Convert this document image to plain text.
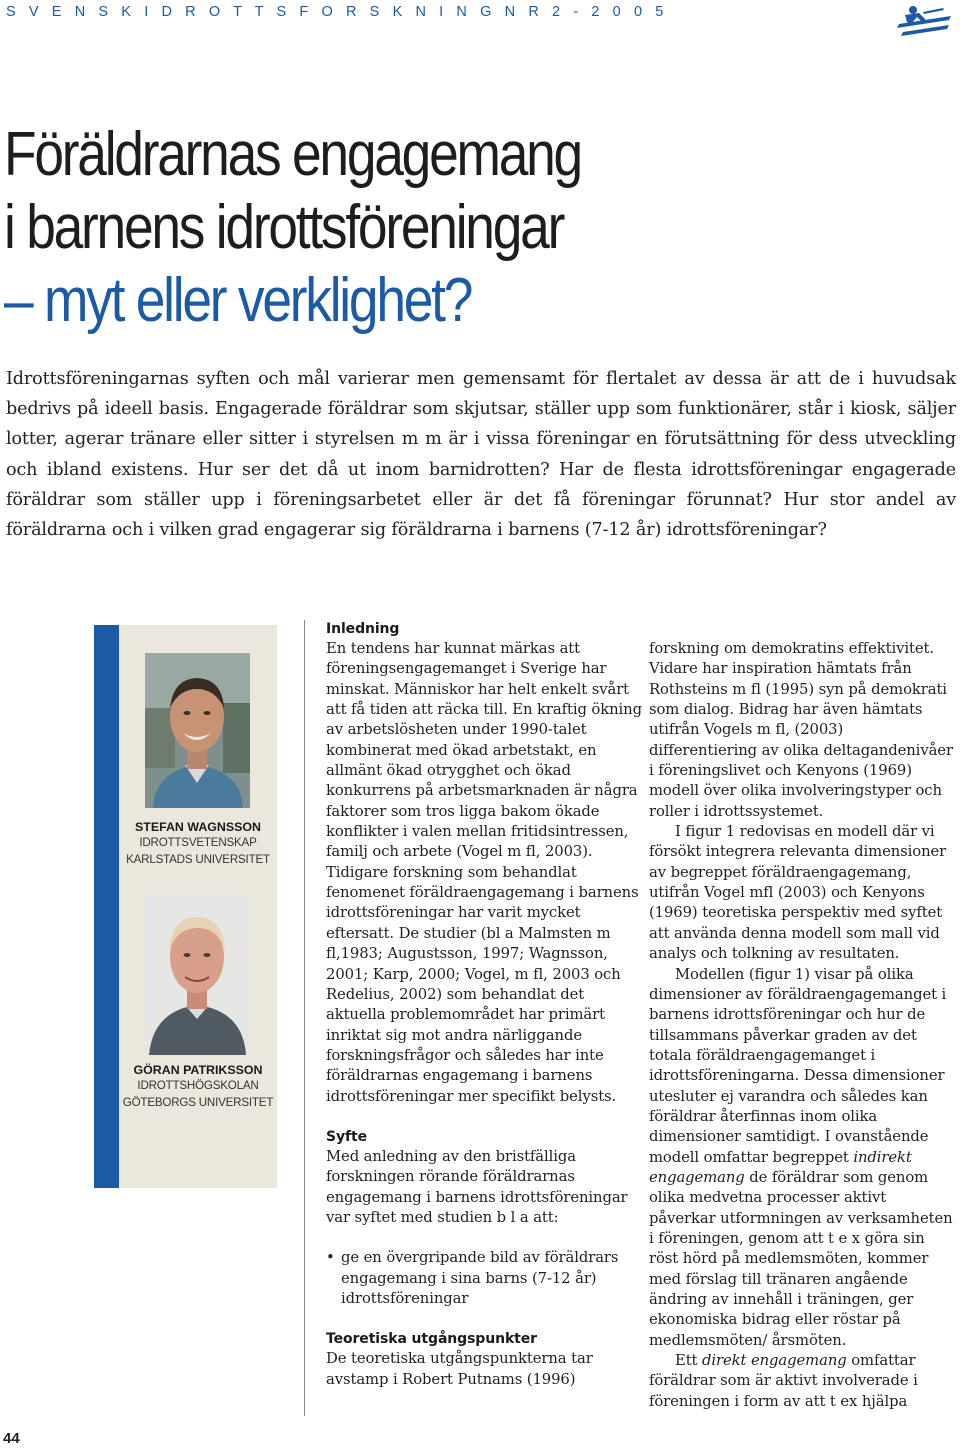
S V E N S K I D R O T T S F O R S K N I N G N R 2 - 2 0 0 5
Föräldrarnas engagemang
i barnens idrottsföreningar
– myt eller verklighet?

Idrottsföreningarnas syften och mål varierar men gemensamt för flertalet av dessa är att de i huvudsak bedrivs på ideell basis. Engagerade föräldrar som skjutsar, ställer upp som funktionärer, står i kiosk, säljer lotter, agerar tränare eller sitter i styrelsen m m är i vissa föreningar en förutsättning för dess utveckling och ibland existens. Hur ser det då ut inom barnidrotten? Har de flesta idrottsföreningar engagerade föräldrar som ställer upp i föreningsarbetet eller är det få föreningar förunnat? Hur stor andel av föräldrarna och i vilken grad engagerar sig föräldrarna i barnens (7-12 år) idrottsföreningar?

STEFAN WAGNSSON
IDROTTSVETENSKAP
KARLSTADS UNIVERSITET
GÖRAN PATRIKSSON
IDROTTSHÖGSKOLAN
GÖTEBORGS UNIVERSITET
Inledning

En tendens har kunnat märkas att föreningsengagemanget i Sverige har minskat. Människor har helt enkelt svårt att få tiden att räcka till. En kraftig ökning av arbetslösheten under 1990-talet kombinerat med ökad arbetstakt, en allmänt ökad otrygghet och ökad konkurrens på arbetsmarknaden är några faktorer som tros ligga bakom ökade konflikter i valen mellan fritidsintressen, familj och arbete (Vogel m fl, 2003). Tidigare forskning som behandlat fenomenet föräldraengagemang i barnens idrottsföreningar har varit mycket eftersatt. De studier (bl a Malmsten m fl,1983; Augustsson, 1997; Wagnsson, 2001; Karp, 2000; Vogel, m fl, 2003 och Redelius, 2002) som behandlat det aktuella problemområdet har primärt inriktat sig mot andra närliggande forskningsfrågor och således har inte föräldrarnas engagemang i barnens idrottsföreningar mer specifikt belysts.

Syfte

Med anledning av den bristfälliga forskningen rörande föräldrarnas engagemang i barnens idrottsföreningar var syftet med studien b l a att:

• ge en övergripande bild av föräldrars engagemang i sina barns (7-12 år) idrottsföreningar
Teoretiska utgångspunkter

De teoretiska utgångspunkterna tar avstamp i Robert Putnams (1996)

forskning om demokratins effektivitet. Vidare har inspiration hämtats från Rothsteins m fl (1995) syn på demokrati som dialog. Bidrag har även hämtats utifrån Vogels m fl, (2003) differentiering av olika deltagandenivåer i föreningslivet och Kenyons (1969) modell över olika involveringstyper och roller i idrottssystemet.

I figur 1 redovisas en modell där vi försökt integrera relevanta dimensioner av begreppet föräldraengagemang, utifrån Vogel mfl (2003) och Kenyons (1969) teoretiska perspektiv med syftet att använda denna modell som mall vid analys och tolkning av resultaten.

Modellen (figur 1) visar på olika dimensioner av föräldraengagemanget i barnens idrottsföreningar och hur de tillsammans påverkar graden av det totala föräldraengagemanget i idrottsföreningarna. Dessa dimensioner utesluter ej varandra och således kan föräldrar återfinnas inom olika dimensioner samtidigt. I ovanstående modell omfattar begreppet indirekt engagemang de föräldrar som genom olika medvetna processer aktivt påverkar utformningen av verksamheten i föreningen, genom att t e x göra sin röst hörd på medlemsmöten, kommer med förslag till tränaren angående ändring av innehåll i träningen, ger ekonomiska bidrag eller röstar på medlemsmöten/ årsmöten.

Ett direkt engagemang omfattar föräldrar som är aktivt involverade i föreningen i form av att t ex hjälpa

44
